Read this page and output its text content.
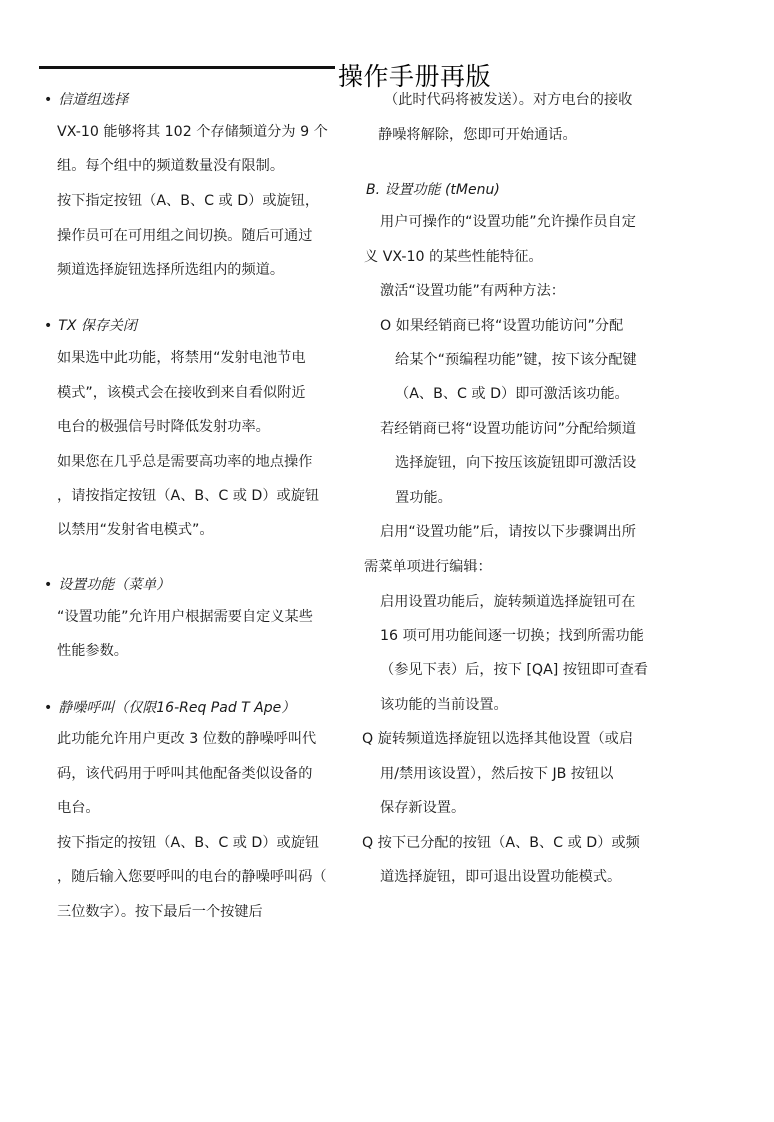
操作手册再版
• 信道组选择
VX-10 能够将其 102 个存储频道分为 9 个
组。每个组中的频道数量没有限制。
按下指定按钮（A、B、C 或 D）或旋钮，
操作员可在可用组之间切换。随后可通过
频道选择旋钮选择所选组内的频道。
• TX 保存关闭
如果选中此功能，将禁用“发射电池节电
模式”，该模式会在接收到来自看似附近
电台的极强信号时降低发射功率。
如果您在几乎总是需要高功率的地点操作
，请按指定按钮（A、B、C 或 D）或旋钮
以禁用“发射省电模式”。
• 设置功能（菜单）
“设置功能”允许用户根据需要自定义某些
性能参数。
• 静噪呼叫（仅限16-Req Pad T Ape）
此功能允许用户更改 3 位数的静噪呼叫代
码，该代码用于呼叫其他配备类似设备的
电台。
按下指定的按钮（A、B、C 或 D）或旋钮
，随后输入您要呼叫的电台的静噪呼叫码（
三位数字）。按下最后一个按键后
（此时代码将被发送）。对方电台的接收
静噪将解除，您即可开始通话。
B. 设置功能 (tMenu)
用户可操作的“设置功能”允许操作员自定
义 VX-10 的某些性能特征。
激活“设置功能”有两种方法：
O 如果经销商已将“设置功能访问”分配
给某个“预编程功能”键，按下该分配键
（A、B、C 或 D）即可激活该功能。
若经销商已将“设置功能访问”分配给频道
选择旋钮，向下按压该旋钮即可激活设
置功能。
启用“设置功能”后，请按以下步骤调出所
需菜单项进行编辑：
启用设置功能后，旋转频道选择旋钮可在
16 项可用功能间逐一切换；找到所需功能
（参见下表）后，按下 [QA] 按钮即可查看
该功能的当前设置。
Q 旋转频道选择旋钮以选择其他设置（或启
用/禁用该设置），然后按下 JB 按钮以
保存新设置。
Q 按下已分配的按钮（A、B、C 或 D）或频
道选择旋钮，即可退出设置功能模式。
